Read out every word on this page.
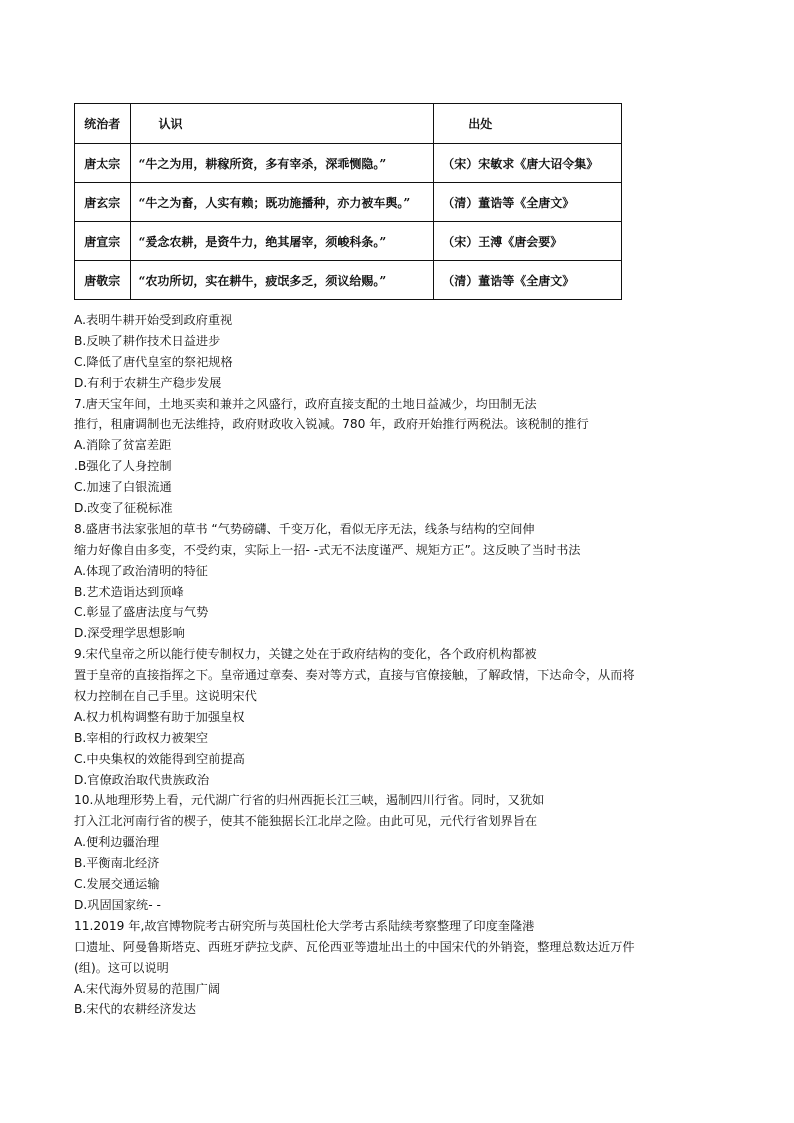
统治者	认识	出处
唐太宗	“牛之为用，耕稼所资，多有宰杀，深乖恻隐。”	（宋）宋敏求《唐大诏令集》
唐玄宗	“牛之为畜，人实有赖；既功施播种，亦力被车舆。”	（清）董诰等《全唐文》
唐宣宗	“爰念农耕，是资牛力，绝其屠宰，须峻科条。”	（宋）王溥《唐会要》
唐敬宗	“农功所切，实在耕牛，疲氓多乏，须议给赐。”	（清）董诰等《全唐文》
A.表明牛耕开始受到政府重视
B.反映了耕作技术日益进步
C.降低了唐代皇室的祭祀规格
D.有利于农耕生产稳步发展
7.唐天宝年间，土地买卖和兼并之风盛行，政府直接支配的土地日益减少，均田制无法
推行，租庸调制也无法维持，政府财政收入锐减。780 年，政府开始推行两税法。该税制的推行
A.消除了贫富差距
.B强化了人身控制
C.加速了白银流通
D.改变了征税标准
8.盛唐书法家张旭的草书 “气势磅礴、千变万化，看似无序无法，线条与结构的空间伸
缩力好像自由多变，不受约束，实际上一招- -式无不法度谨严、规矩方正”。这反映了当时书法
A.体现了政治清明的特征
B.艺术造诣达到顶峰
C.彰显了盛唐法度与气势
D.深受理学思想影响
9.宋代皇帝之所以能行使专制权力，关键之处在于政府结构的变化，各个政府机构都被
置于皇帝的直接指挥之下。皇帝通过章奏、奏对等方式，直接与官僚接触，了解政情，下达命令，从而将
权力控制在自己手里。这说明宋代
A.权力机构调整有助于加强皇权
B.宰相的行政权力被架空
C.中央集权的效能得到空前提高
D.官僚政治取代贵族政治
10.从地理形势上看，元代湖广行省的归州西扼长江三峡，遏制四川行省。同时，又犹如
打入江北河南行省的楔子，使其不能独据长江北岸之险。由此可见，元代行省划界旨在
A.便利边疆治理
B.平衡南北经济
C.发展交通运输
D.巩固国家统- -
11.2019 年,故宫博物院考古研究所与英国杜伦大学考古系陆续考察整理了印度奎隆港
口遗址、阿曼鲁斯塔克、西班牙萨拉戈萨、瓦伦西亚等遗址出土的中国宋代的外销瓷，整理总数达近万件
(组)。这可以说明
A.宋代海外贸易的范围广阔
B.宋代的农耕经济发达
